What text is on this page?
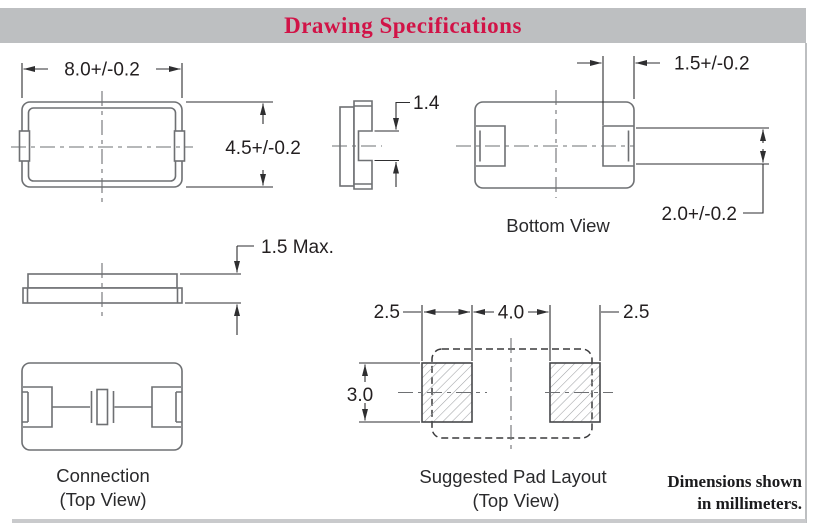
Drawing Specifications
Dimensions shown
in millimeters.
8.0+/-0.2
4.5+/-0.2
1.4
1.5+/-0.2
2.0+/-0.2
Bottom View
1.5 Max.
Connection
(Top View)
2.5	4.0	2.5
3.0
Suggested Pad Layout
(Top View)
